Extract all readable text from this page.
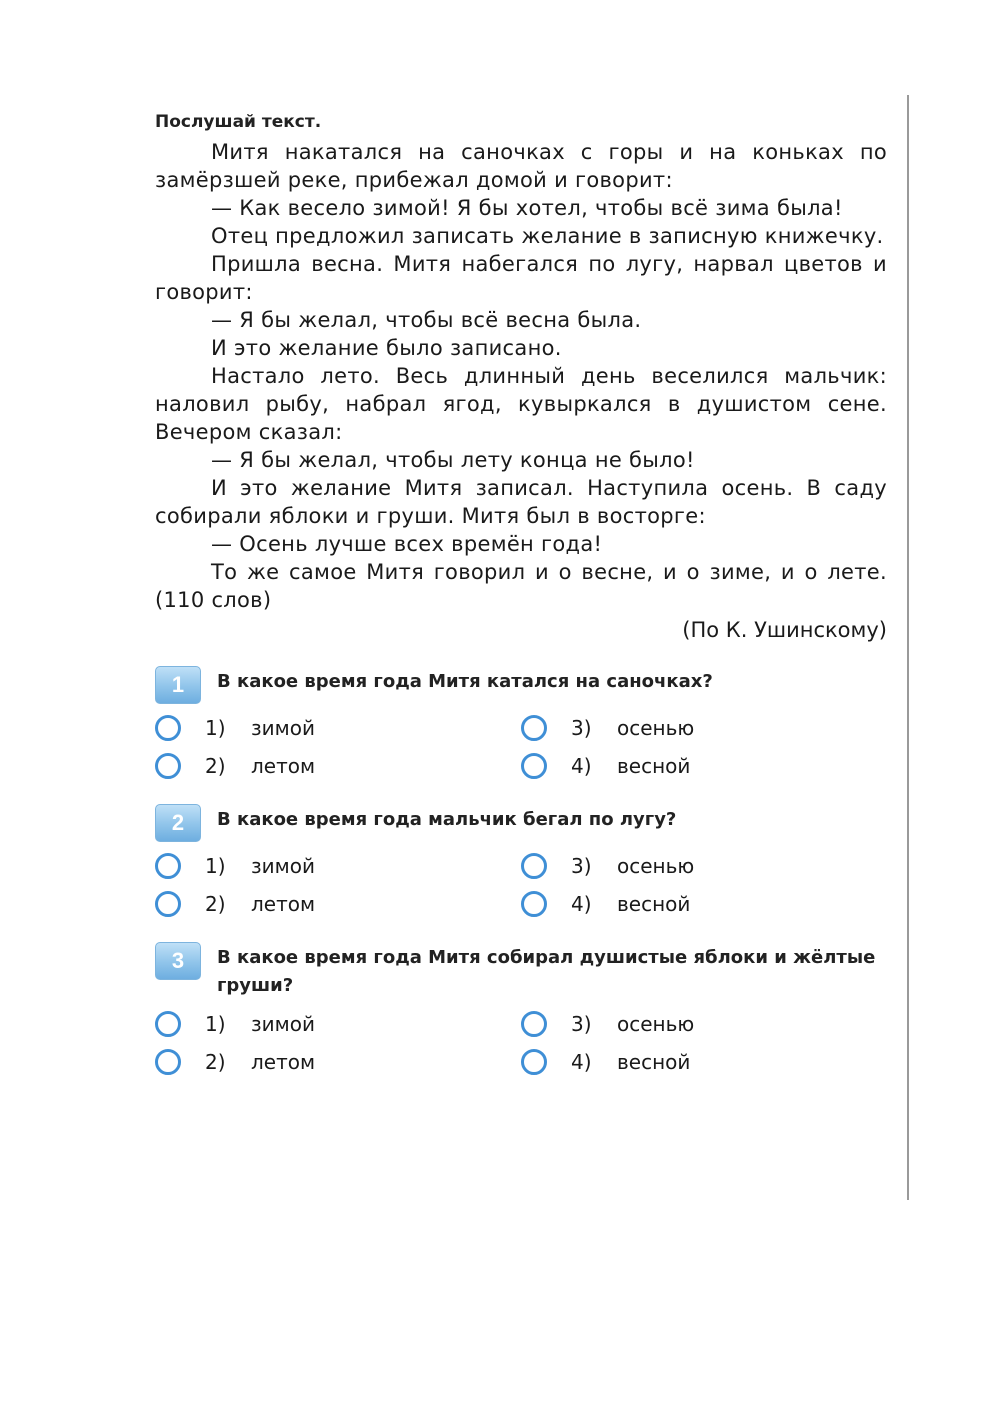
Послушай текст.

Митя накатался на саночках с горы и на коньках по замёрзшей реке, прибежал домой и говорит:

— Как весело зимой! Я бы хотел, чтобы всё зима была!

Отец предложил записать желание в записную книжечку.

Пришла весна. Митя набегался по лугу, нарвал цветов и говорит:

— Я бы желал, чтобы всё весна была.

И это желание было записано.

Настало лето. Весь длинный день веселился мальчик: наловил рыбу, набрал ягод, кувыркался в душистом сене. Вечером сказал:

— Я бы желал, чтобы лету конца не было!

И это желание Митя записал. Наступила осень. В саду собирали яблоки и груши. Митя был в восторге:

— Осень лучше всех времён года!

То же самое Митя говорил и о весне, и о зиме, и о лете. (110 слов)

(По К. Ушинскому)
1	В какое время года Митя катался на саночках?
1)	зимой	3)	осенью
2)	летом	4)	весной
2	В какое время года мальчик бегал по лугу?
1)	зимой	3)	осенью
2)	летом	4)	весной
3	В какое время года Митя собирал душистые яблоки и жёлтые груши?
1)	зимой	3)	осенью
2)	летом	4)	весной
